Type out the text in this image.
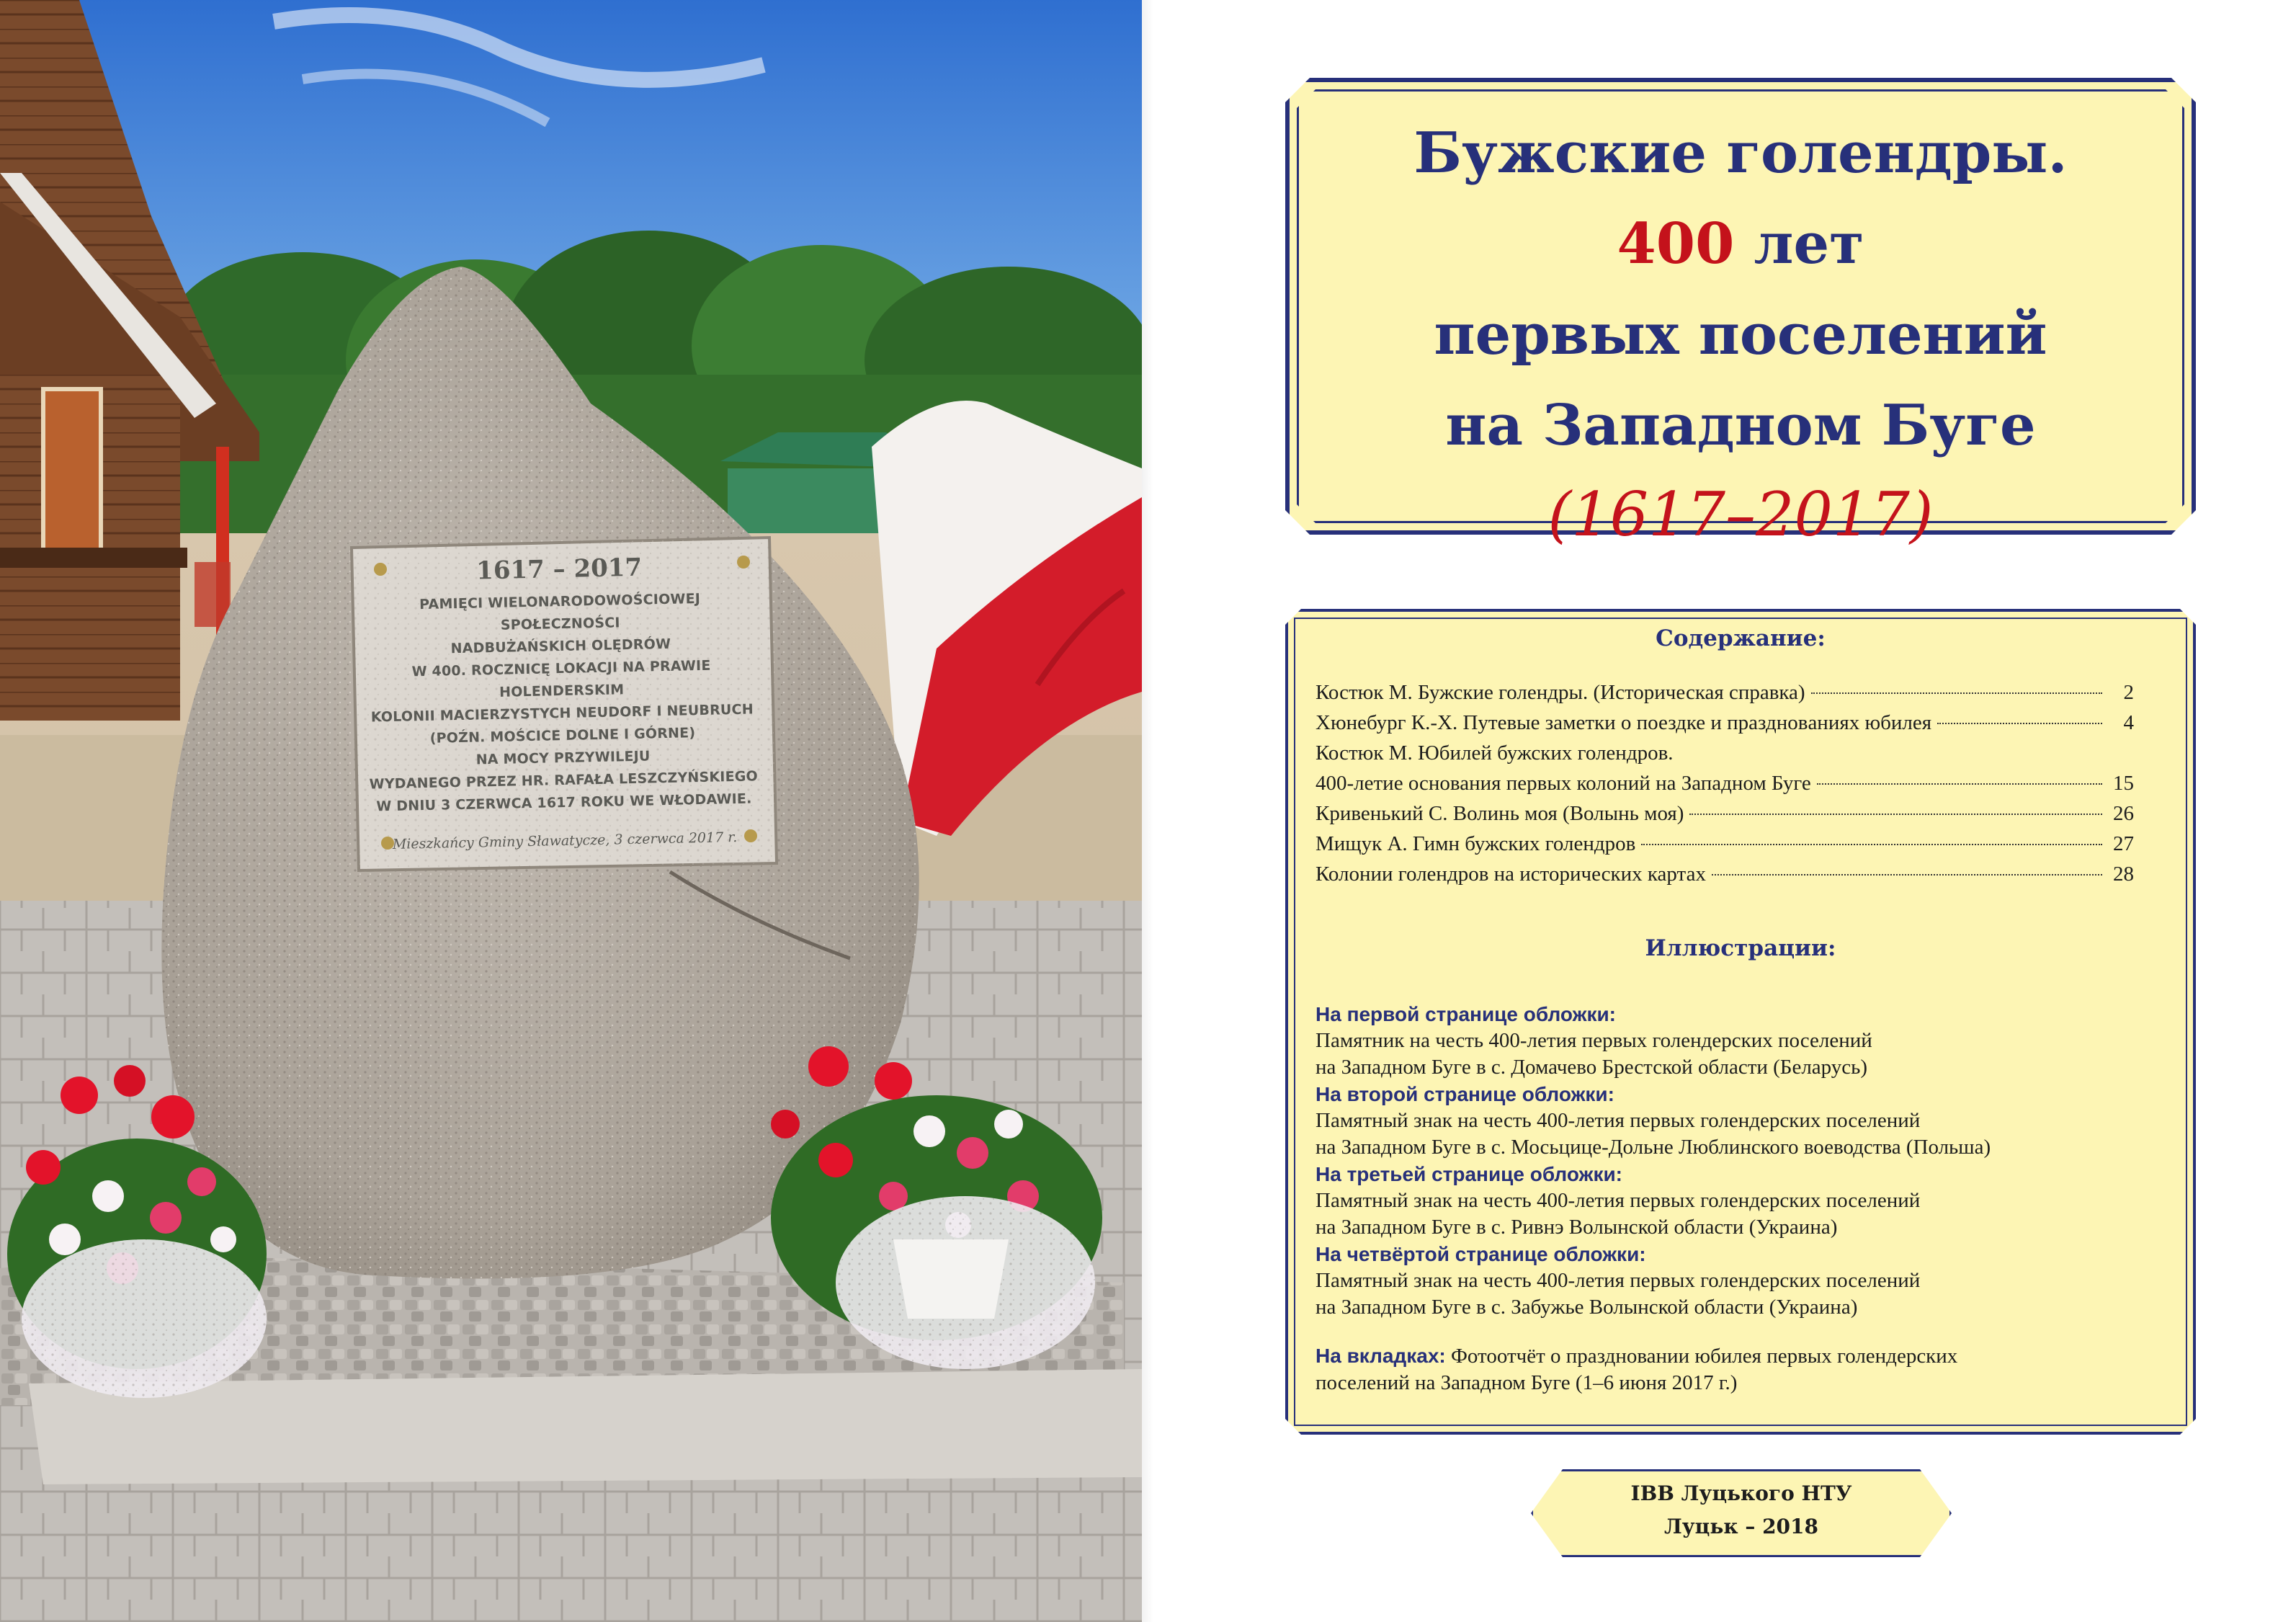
1617 – 2017
PAMIĘCI WIELONARODOWOŚCIOWEJ SPOŁECZNOŚCI
NADBUŻAŃSKICH OLĘDRÓW
W 400. ROCZNICĘ LOKACJI NA PRAWIE HOLENDERSKIM
KOLONII MACIERZYSTYCH NEUDORF I NEUBRUCH
(POŹN. MOŚCICE DOLNE I GÓRNE)
NA MOCY PRZYWILEJU
WYDANEGO PRZEZ HR. RAFAŁA LESZCZYŃSKIEGO
W DNIU 3 CZERWCA 1617 ROKU WE WŁODAWIE.
Mieszkańcy Gminy Sławatycze, 3 czerwca 2017 r.
Бужские голендры.
400 лет
первых поселений
на Западном Буге
(1617–2017)
Содержание:
Костюк М. Бужские голендры. (Историческая справка)	2
Хюнебург К.-Х. Путевые заметки о поездке и праздновaниях юбилея	4
Костюк М. Юбилей бужских голендров.
400-летие основания первых колоний на Западном Буге	15
Кривенький С. Волинь моя (Волынь моя)	26
Мищук А. Гимн бужских голендров	27
Колонии голендров на исторических картах	28
Иллюстрации:
На первой странице обложки:
Памятник на честь 400-летия первых голендерских поселений
на Западном Буге в с. Домачево Брестской области (Беларусь)
На второй странице обложки:
Памятный знак на честь 400-летия первых голендерских поселений
на Западном Буге в с. Мосьцице-Дольне Люблинского воеводства (Польша)
На третьей странице обложки:
Памятный знак на честь 400-летия первых голендерских поселений
на Западном Буге в с. Ривнэ Волынской области (Украина)
На четвёртой странице обложки:
Памятный знак на честь 400-летия первых голендерских поселений
на Западном Буге в с. Забужье Волынской области (Украина)
На вкладках: Фотоотчёт о праздновании юбилея первых голендерских
поселений на Западном Буге (1–6 июня 2017 г.)
ІВВ Луцького НТУ
Луцьк – 2018
